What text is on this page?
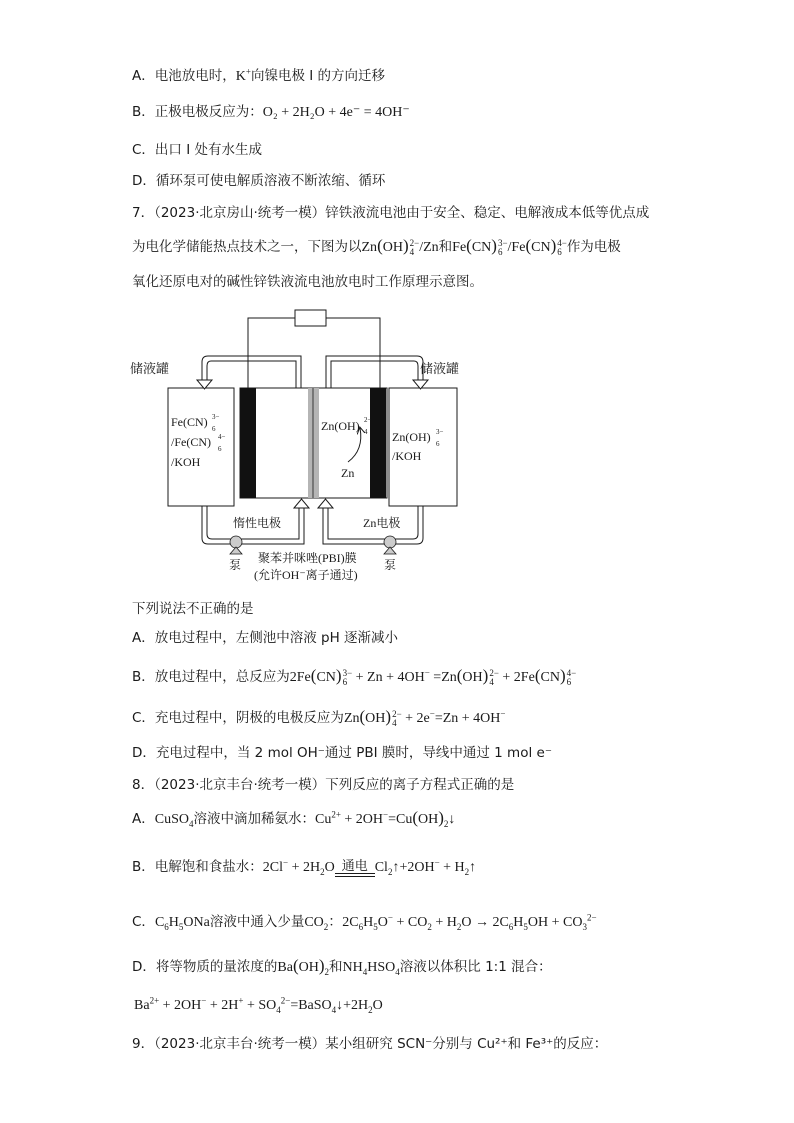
A．电池放电时，K+向镍电极 I 的方向迁移
B．正极电极反应为：O₂ + 2H₂O + 4e⁻ = 4OH⁻
C．出口 I 处有水生成
D．循环泵可使电解质溶液不断浓缩、循环
7．（2023·北京房山·统考一模）锌铁液流电池由于安全、稳定、电解液成本低等优点成
为电化学储能热点技术之一，下图为以Zn(OH) 2−
4 /Zn和Fe(CN) 3−
6 /Fe(CN) 4−
6 作为电极
氧化还原电对的碱性锌铁液流电池放电时工作原理示意图。
储液罐	储液罐
Fe(CN) 3−
6
/Fe(CN) 4−
6
/KOH
Zn(OH) 3−
6
/KOH
Zn(OH) 2−
4
Zn
惰性电极	Zn电极
聚苯并咪唑(PBI)膜
(允许OH⁻离子通过)
泵	泵
下列说法不正确的是
A．放电过程中，左侧池中溶液 pH 逐渐减小
B．放电过程中，总反应为2Fe(CN) 3−
6 + Zn + 4OH− =Zn(OH) 2−
4 + 2Fe(CN) 4−
6
C．充电过程中，阴极的电极反应为Zn(OH) 2−
4 + 2e−=Zn + 4OH−
D．充电过程中，当 2 mol OH⁻通过 PBI 膜时，导线中通过 1 mol e⁻
8．（2023·北京丰台·统考一模）下列反应的离子方程式正确的是
A．CuSO$_4$溶液中滴加稀氨水：$Cu^{2+}$ + $2OH^-=Cu(OH)_2↓$
B．电解饱和食盐水：$2Cl^- + 2H_2O$ 通电 $Cl_2↑+2OH^-$ + $H_2↑$
C．$C_6H_5ONa$溶液中通入少量$CO_2$：$2C_6H_5O^- + CO_2 + H_2O \to 2C_6H_5OH + CO_3^{2-}$
D．将等物质的量浓度的$Ba(OH)_2$和$NH_4HSO_4$溶液以体积比 1:1 混合：
$Ba^{2+} + 2OH^- + 2H^+$ + $SO_4^{2-}=BaSO_4↓+2H_2O$
9．（2023·北京丰台·统考一模）某小组研究 SCN⁻分别与 Cu²⁺和 Fe³⁺的反应：
